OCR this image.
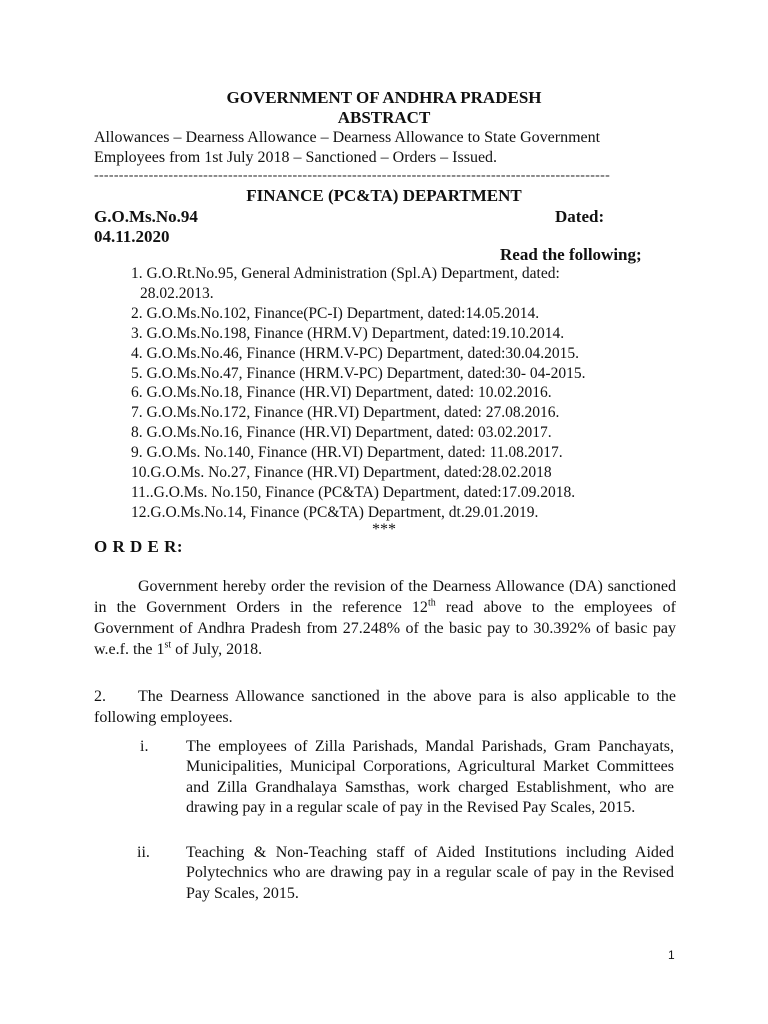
GOVERNMENT OF ANDHRA PRADESH
ABSTRACT
Allowances – Dearness Allowance – Dearness Allowance to State Government
Employees from 1st July 2018 – Sanctioned – Orders – Issued.
--------------------------------------------------------------------------------------------------------
FINANCE (PC&TA) DEPARTMENT
G.O.Ms.No.94	Dated:
04.11.2020
Read the following;
1. G.O.Rt.No.95, General Administration (Spl.A) Department, dated:
28.02.2013.
2. G.O.Ms.No.102, Finance(PC-I) Department, dated:14.05.2014.
3. G.O.Ms.No.198, Finance (HRM.V) Department, dated:19.10.2014.
4. G.O.Ms.No.46, Finance (HRM.V-PC) Department, dated:30.04.2015.
5. G.O.Ms.No.47, Finance (HRM.V-PC) Department, dated:30- 04-2015.
6. G.O.Ms.No.18, Finance (HR.VI) Department, dated: 10.02.2016.
7. G.O.Ms.No.172, Finance (HR.VI) Department, dated: 27.08.2016.
8. G.O.Ms.No.16, Finance (HR.VI) Department, dated: 03.02.2017.
9. G.O.Ms. No.140, Finance (HR.VI) Department, dated: 11.08.2017.
10.G.O.Ms. No.27, Finance (HR.VI) Department, dated:28.02.2018
11..G.O.Ms. No.150, Finance (PC&TA) Department, dated:17.09.2018.
12.G.O.Ms.No.14, Finance (PC&TA) Department, dt.29.01.2019.
***
O R D E R:
Government hereby order the revision of the Dearness Allowance (DA) sanctioned in the Government Orders in the reference 12th read above to the employees of Government of Andhra Pradesh from 27.248% of the basic pay to 30.392% of basic pay w.e.f. the 1st of July, 2018.
2. The Dearness Allowance sanctioned in the above para is also applicable to the following employees.
i. The employees of Zilla Parishads, Mandal Parishads, Gram Panchayats, Municipalities, Municipal Corporations, Agricultural Market Committees and Zilla Grandhalaya Samsthas, work charged Establishment, who are drawing pay in a regular scale of pay in the Revised Pay Scales, 2015.
ii. Teaching & Non-Teaching staff of Aided Institutions including Aided Polytechnics who are drawing pay in a regular scale of pay in the Revised Pay Scales, 2015.
1
